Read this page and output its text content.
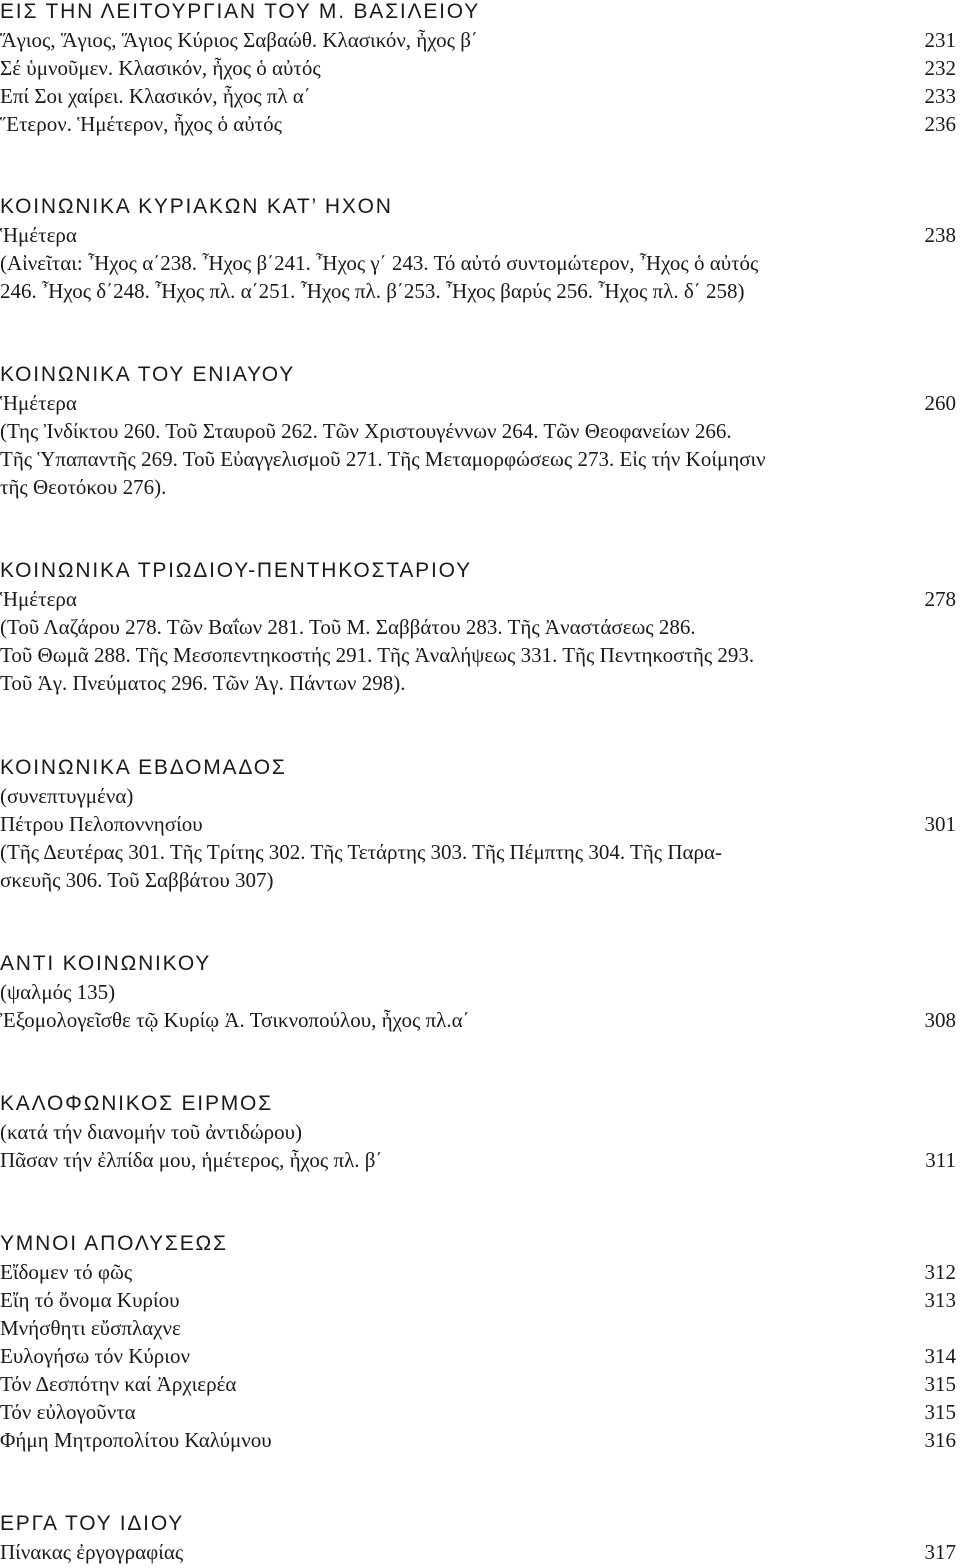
ΕΙΣ ΤΗΝ ΛΕΙΤΟΥΡΓΙΑΝ ΤΟΥ Μ. ΒΑΣΙΛΕΙΟΥ
Ἅγιος, Ἅγιος, Ἅγιος Κύριος Σαβαώθ. Κλασικόν, ἦχος β΄	231
Σέ ὑμνοῦμεν. Κλασικόν, ἦχος ὁ αὐτός	232
Επί Σοι χαίρει. Κλασικόν, ἦχος πλ α΄	233
Ἕτερον. Ἡμέτερον, ἦχος ὁ αὐτός	236
ΚΟΙΝΩΝΙΚΑ ΚΥΡΙΑΚΩΝ ΚΑΤ’ ΗΧΟΝ
Ἡμέτερα	238
(Αἰνεῖται: Ἦχος α΄238. Ἦχος β΄241. Ἦχος γ΄ 243. Τό αὐτό συντομώτερον, Ἦχος ὁ αὐτός
246. Ἦχος δ΄248. Ἦχος πλ. α΄251. Ἦχος πλ. β΄253. Ἦχος βαρύς 256. Ἦχος πλ. δ΄ 258)
ΚΟΙΝΩΝΙΚΑ ΤΟΥ ΕΝΙΑΥΟΥ
Ἡμέτερα	260
(Της Ἰνδίκτου 260. Τοῦ Σταυροῦ 262. Τῶν Χριστουγέννων 264. Τῶν Θεοφανείων 266.
Τῆς Ὑπαπαντῆς 269. Τοῦ Εὐαγγελισμοῦ 271. Τῆς Μεταμορφώσεως 273. Εἰς τήν Κοίμησιν
τῆς Θεοτόκου 276).
ΚΟΙΝΩΝΙΚΑ ΤΡΙΩΔΙΟΥ-ΠΕΝΤΗΚΟΣΤΑΡΙΟΥ
Ἡμέτερα	278
(Τοῦ Λαζάρου 278. Τῶν Βαΐων 281. Τοῦ Μ. Σαββάτου 283. Τῆς Ἀναστάσεως 286.
Τοῦ Θωμᾶ 288. Τῆς Μεσοπεντηκοστής 291. Τῆς Ἀναλήψεως 331. Τῆς Πεντηκοστῆς 293.
Τοῦ Ἁγ. Πνεύματος 296. Τῶν Ἁγ. Πάντων 298).
ΚΟΙΝΩΝΙΚΑ ΕΒΔΟΜΑΔΟΣ
(συνεπτυγμένα)
Πέτρου Πελοποννησίου	301
(Τῆς Δευτέρας 301. Τῆς Τρίτης 302. Τῆς Τετάρτης 303. Τῆς Πέμπτης 304. Τῆς Παρα-
σκευῆς 306. Τοῦ Σαββάτου 307)
ΑΝΤΙ ΚΟΙΝΩΝΙΚΟΥ
(ψαλμός 135)
Ἐξομολογεῖσθε τῷ Κυρίῳ Ἀ. Τσικνοπούλου, ἦχος πλ.α΄	308
ΚΑΛΟΦΩΝΙΚΟΣ ΕΙΡΜΟΣ
(κατά τήν διανομήν τοῦ ἀντιδώρου)
Πᾶσαν τήν ἐλπίδα μου, ἡμέτερος, ἦχος πλ. β΄	311
ΥΜΝΟΙ ΑΠΟΛΥΣΕΩΣ
Εἴδομεν τό φῶς	312
Εἴη τό ὄνομα Κυρίου	313
Μνήσθητι εὔσπλαχνε
Ευλογήσω τόν Κύριον	314
Τόν Δεσπότην καί Ἀρχιερέα	315
Τόν εὐλογοῦντα	315
Φήμη Μητροπολίτου Καλύμνου	316
ΕΡΓΑ ΤΟΥ ΙΔΙΟΥ
Πίνακας ἐργογραφίας	317
